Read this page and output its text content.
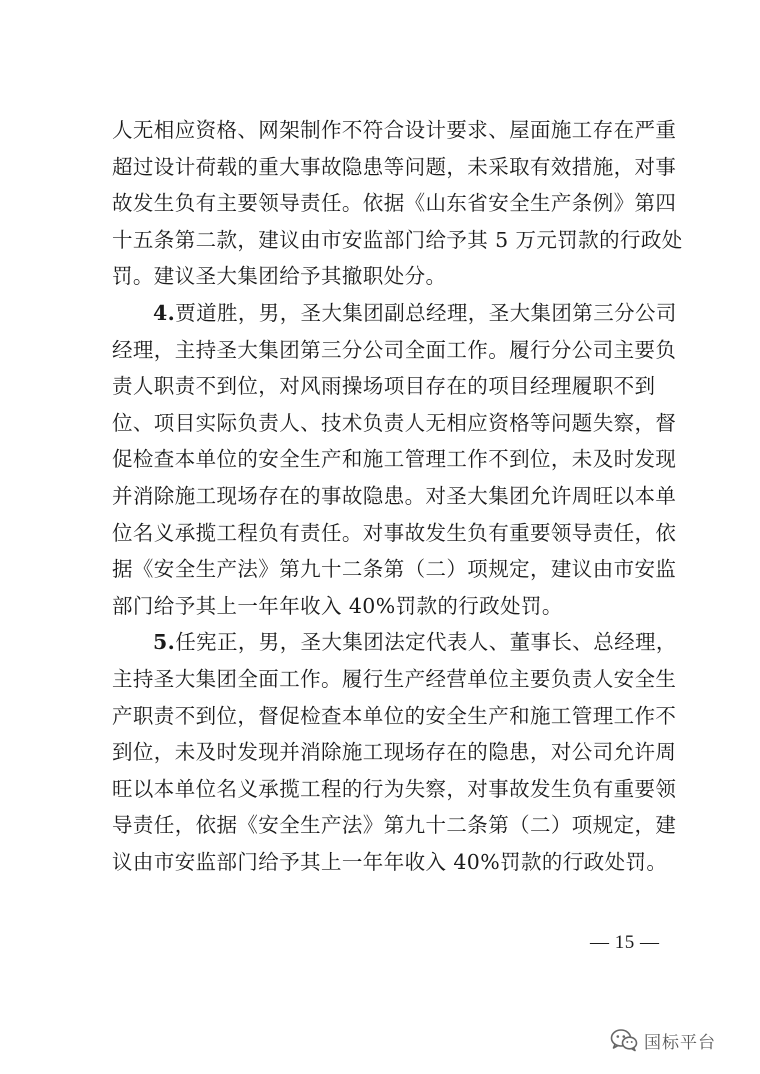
人无相应资格、网架制作不符合设计要求、屋面施工存在严重
超过设计荷载的重大事故隐患等问题，未采取有效措施，对事
故发生负有主要领导责任。依据《山东省安全生产条例》第四
十五条第二款，建议由市安监部门给予其 5 万元罚款的行政处
罚。建议圣大集团给予其撤职处分。
4.贾道胜，男，圣大集团副总经理，圣大集团第三分公司
经理，主持圣大集团第三分公司全面工作。履行分公司主要负
责人职责不到位，对风雨操场项目存在的项目经理履职不到
位、项目实际负责人、技术负责人无相应资格等问题失察，督
促检查本单位的安全生产和施工管理工作不到位，未及时发现
并消除施工现场存在的事故隐患。对圣大集团允许周旺以本单
位名义承揽工程负有责任。对事故发生负有重要领导责任，依
据《安全生产法》第九十二条第（二）项规定，建议由市安监
部门给予其上一年年收入 40%罚款的行政处罚。
5.任宪正，男，圣大集团法定代表人、董事长、总经理，
主持圣大集团全面工作。履行生产经营单位主要负责人安全生
产职责不到位，督促检查本单位的安全生产和施工管理工作不
到位，未及时发现并消除施工现场存在的隐患，对公司允许周
旺以本单位名义承揽工程的行为失察，对事故发生负有重要领
导责任，依据《安全生产法》第九十二条第（二）项规定，建
议由市安监部门给予其上一年年收入 40%罚款的行政处罚。
— 15 —
国标平台
